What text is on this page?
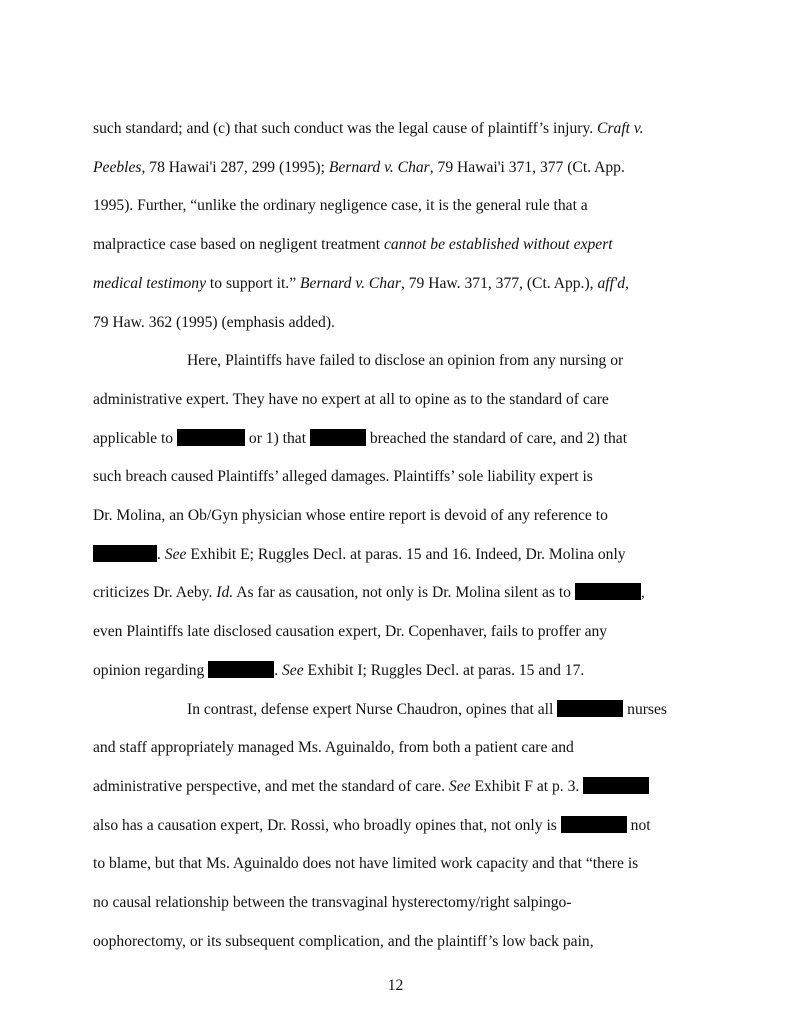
such standard; and (c) that such conduct was the legal cause of plaintiff’s injury. Craft v.
Peebles, 78 Hawai'i 287, 299 (1995); Bernard v. Char, 79 Hawai'i 371, 377 (Ct. App.
1995). Further, “unlike the ordinary negligence case, it is the general rule that a
malpractice case based on negligent treatment cannot be established without expert
medical testimony to support it.” Bernard v. Char, 79 Haw. 371, 377, (Ct. App.), aff'd,
79 Haw. 362 (1995) (emphasis added).
Here, Plaintiffs have failed to disclose an opinion from any nursing or
administrative expert. They have no expert at all to opine as to the standard of care
applicable to	or 1) that	breached the standard of care, and 2) that
such breach caused Plaintiffs’ alleged damages. Plaintiffs’ sole liability expert is
Dr. Molina, an Ob/Gyn physician whose entire report is devoid of any reference to
. See Exhibit E; Ruggles Decl. at paras. 15 and 16. Indeed, Dr. Molina only
criticizes Dr. Aeby. Id. As far as causation, not only is Dr. Molina silent as to	,
even Plaintiffs late disclosed causation expert, Dr. Copenhaver, fails to proffer any
opinion regarding	. See Exhibit I; Ruggles Decl. at paras. 15 and 17.
In contrast, defense expert Nurse Chaudron, opines that all	nurses
and staff appropriately managed Ms. Aguinaldo, from both a patient care and
administrative perspective, and met the standard of care. See Exhibit F at p. 3.
also has a causation expert, Dr. Rossi, who broadly opines that, not only is	not
to blame, but that Ms. Aguinaldo does not have limited work capacity and that “there is
no causal relationship between the transvaginal hysterectomy/right salpingo-
oophorectomy, or its subsequent complication, and the plaintiff’s low back pain,
12
